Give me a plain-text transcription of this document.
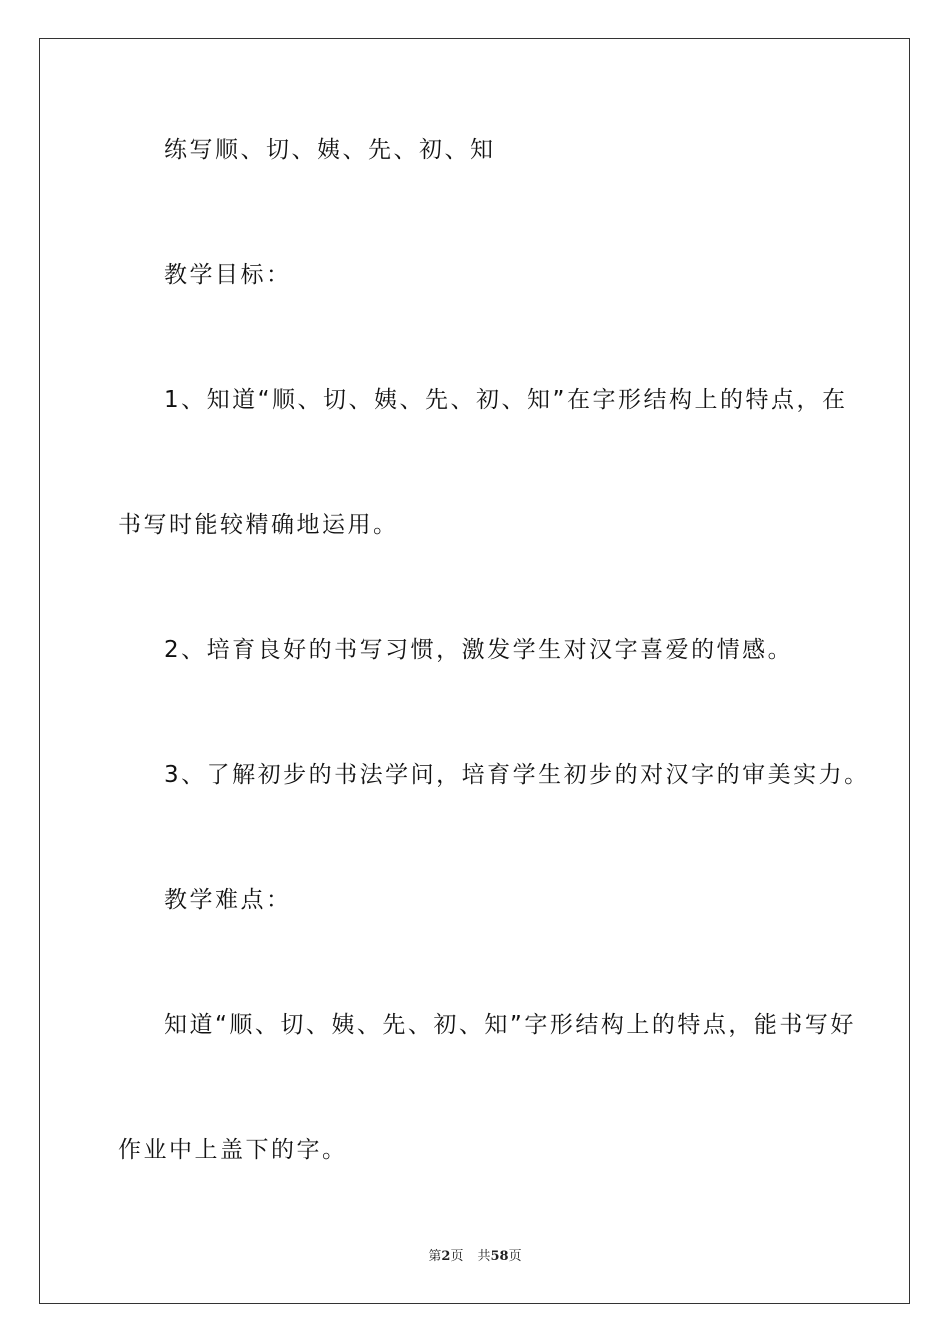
练写顺、切、姨、先、初、知

教学目标：

1、知道“顺、切、姨、先、初、知”在字形结构上的特点，在

书写时能较精确地运用。

2、培育良好的书写习惯，激发学生对汉字喜爱的情感。

3、了解初步的书法学问，培育学生初步的对汉字的审美实力。

教学难点：

知道“顺、切、姨、先、初、知”字形结构上的特点，能书写好

作业中上盖下的字。

第2页 共58页
